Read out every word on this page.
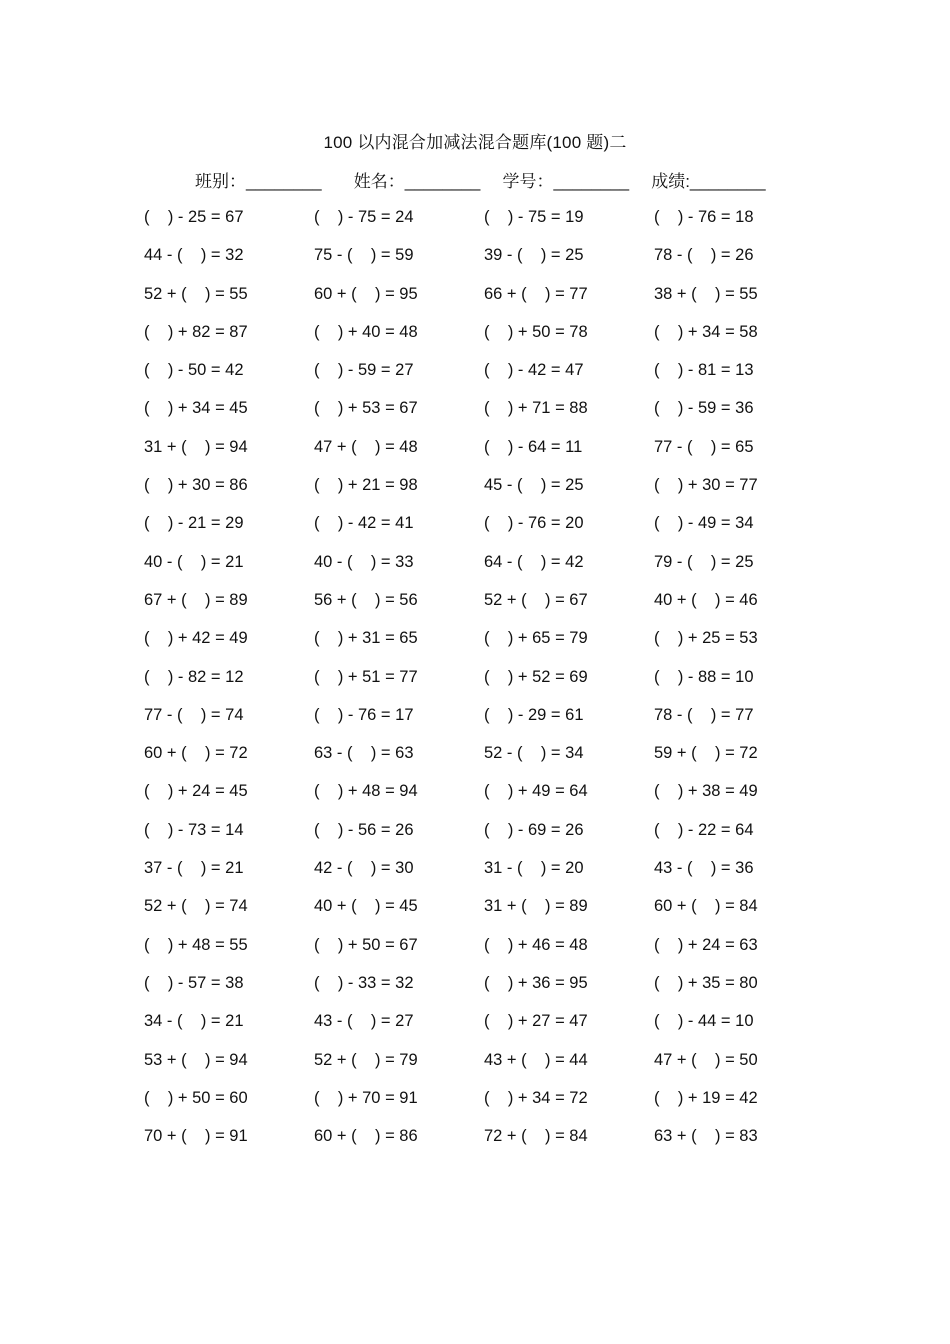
100 以内混合加减法混合题库(100 题)二
班别：________ 姓名：________ 学号：________ 成绩:________
(    ) - 25 = 67	(    ) - 75 = 24	(    ) - 75 = 19	(    ) - 76 = 18
44 - (    ) = 32	75 - (    ) = 59	39 - (    ) = 25	78 - (    ) = 26
52 + (    ) = 55	60 + (    ) = 95	66 + (    ) = 77	38 + (    ) = 55
(    ) + 82 = 87	(    ) + 40 = 48	(    ) + 50 = 78	(    ) + 34 = 58
(    ) - 50 = 42	(    ) - 59 = 27	(    ) - 42 = 47	(    ) - 81 = 13
(    ) + 34 = 45	(    ) + 53 = 67	(    ) + 71 = 88	(    ) - 59 = 36
31 + (    ) = 94	47 + (    ) = 48	(    ) - 64 = 11	77 - (    ) = 65
(    ) + 30 = 86	(    ) + 21 = 98	45 - (    ) = 25	(    ) + 30 = 77
(    ) - 21 = 29	(    ) - 42 = 41	(    ) - 76 = 20	(    ) - 49 = 34
40 - (    ) = 21	40 - (    ) = 33	64 - (    ) = 42	79 - (    ) = 25
67 + (    ) = 89	56 + (    ) = 56	52 + (    ) = 67	40 + (    ) = 46
(    ) + 42 = 49	(    ) + 31 = 65	(    ) + 65 = 79	(    ) + 25 = 53
(    ) - 82 = 12	(    ) + 51 = 77	(    ) + 52 = 69	(    ) - 88 = 10
77 - (    ) = 74	(    ) - 76 = 17	(    ) - 29 = 61	78 - (    ) = 77
60 + (    ) = 72	63 - (    ) = 63	52 - (    ) = 34	59 + (    ) = 72
(    ) + 24 = 45	(    ) + 48 = 94	(    ) + 49 = 64	(    ) + 38 = 49
(    ) - 73 = 14	(    ) - 56 = 26	(    ) - 69 = 26	(    ) - 22 = 64
37 - (    ) = 21	42 - (    ) = 30	31 - (    ) = 20	43 - (    ) = 36
52 + (    ) = 74	40 + (    ) = 45	31 + (    ) = 89	60 + (    ) = 84
(    ) + 48 = 55	(    ) + 50 = 67	(    ) + 46 = 48	(    ) + 24 = 63
(    ) - 57 = 38	(    ) - 33 = 32	(    ) + 36 = 95	(    ) + 35 = 80
34 - (    ) = 21	43 - (    ) = 27	(    ) + 27 = 47	(    ) - 44 = 10
53 + (    ) = 94	52 + (    ) = 79	43 + (    ) = 44	47 + (    ) = 50
(    ) + 50 = 60	(    ) + 70 = 91	(    ) + 34 = 72	(    ) + 19 = 42
70 + (    ) = 91	60 + (    ) = 86	72 + (    ) = 84	63 + (    ) = 83
